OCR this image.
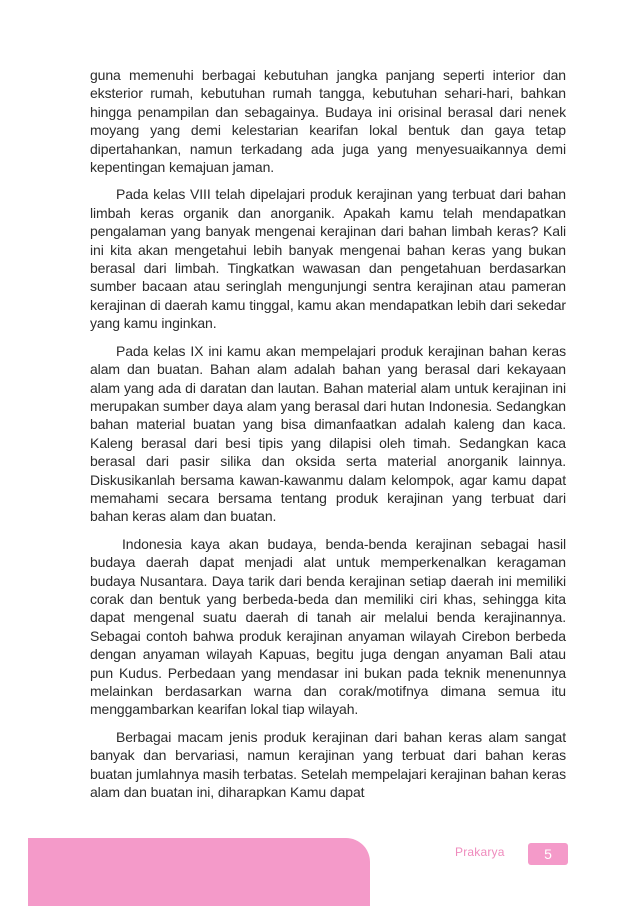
guna memenuhi berbagai kebutuhan jangka panjang seperti interior dan eksterior rumah, kebutuhan rumah tangga, kebutuhan sehari-hari, bahkan hingga penampilan dan sebagainya. Budaya ini orisinal berasal dari nenek moyang yang demi kelestarian kearifan lokal bentuk dan gaya tetap dipertahankan, namun terkadang ada juga yang menyesuaikannya demi kepentingan kemajuan jaman.

Pada kelas VIII telah dipelajari produk kerajinan yang terbuat dari bahan limbah keras organik dan anorganik. Apakah kamu telah mendapatkan pengalaman yang banyak mengenai kerajinan dari bahan limbah keras? Kali ini kita akan mengetahui lebih banyak mengenai bahan keras yang bukan berasal dari limbah. Tingkatkan wawasan dan pengetahuan berdasarkan sumber bacaan atau seringlah mengunjungi sentra kerajinan atau pameran kerajinan di daerah kamu tinggal, kamu akan mendapatkan lebih dari sekedar yang kamu inginkan.

Pada kelas IX ini kamu akan mempelajari produk kerajinan bahan keras alam dan buatan. Bahan alam adalah bahan yang berasal dari kekayaan alam yang ada di daratan dan lautan. Bahan material alam untuk kerajinan ini merupakan sumber daya alam yang berasal dari hutan Indonesia. Sedangkan bahan material buatan yang bisa dimanfaatkan adalah kaleng dan kaca. Kaleng berasal dari besi tipis yang dilapisi oleh timah. Sedangkan kaca berasal dari pasir silika dan oksida serta material anorganik lainnya. Diskusikanlah bersama kawan-kawanmu dalam kelompok, agar kamu dapat memahami secara bersama tentang produk kerajinan yang terbuat dari bahan keras alam dan buatan.

Indonesia kaya akan budaya, benda-benda kerajinan sebagai hasil budaya daerah dapat menjadi alat untuk memperkenalkan keragaman budaya Nusantara. Daya tarik dari benda kerajinan setiap daerah ini memiliki corak dan bentuk yang berbeda-beda dan memiliki ciri khas, sehingga kita dapat mengenal suatu daerah di tanah air melalui benda kerajinannya. Sebagai contoh bahwa produk kerajinan anyaman wilayah Cirebon berbeda dengan anyaman wilayah Kapuas, begitu juga dengan anyaman Bali atau pun Kudus. Perbedaan yang mendasar ini bukan pada teknik menenunnya melainkan berdasarkan warna dan corak/motifnya dimana semua itu menggambarkan kearifan lokal tiap wilayah.

Berbagai macam jenis produk kerajinan dari bahan keras alam sangat banyak dan bervariasi, namun kerajinan yang terbuat dari bahan keras buatan jumlahnya masih terbatas. Setelah mempelajari kerajinan bahan keras alam dan buatan ini, diharapkan Kamu dapat

Prakarya	5
